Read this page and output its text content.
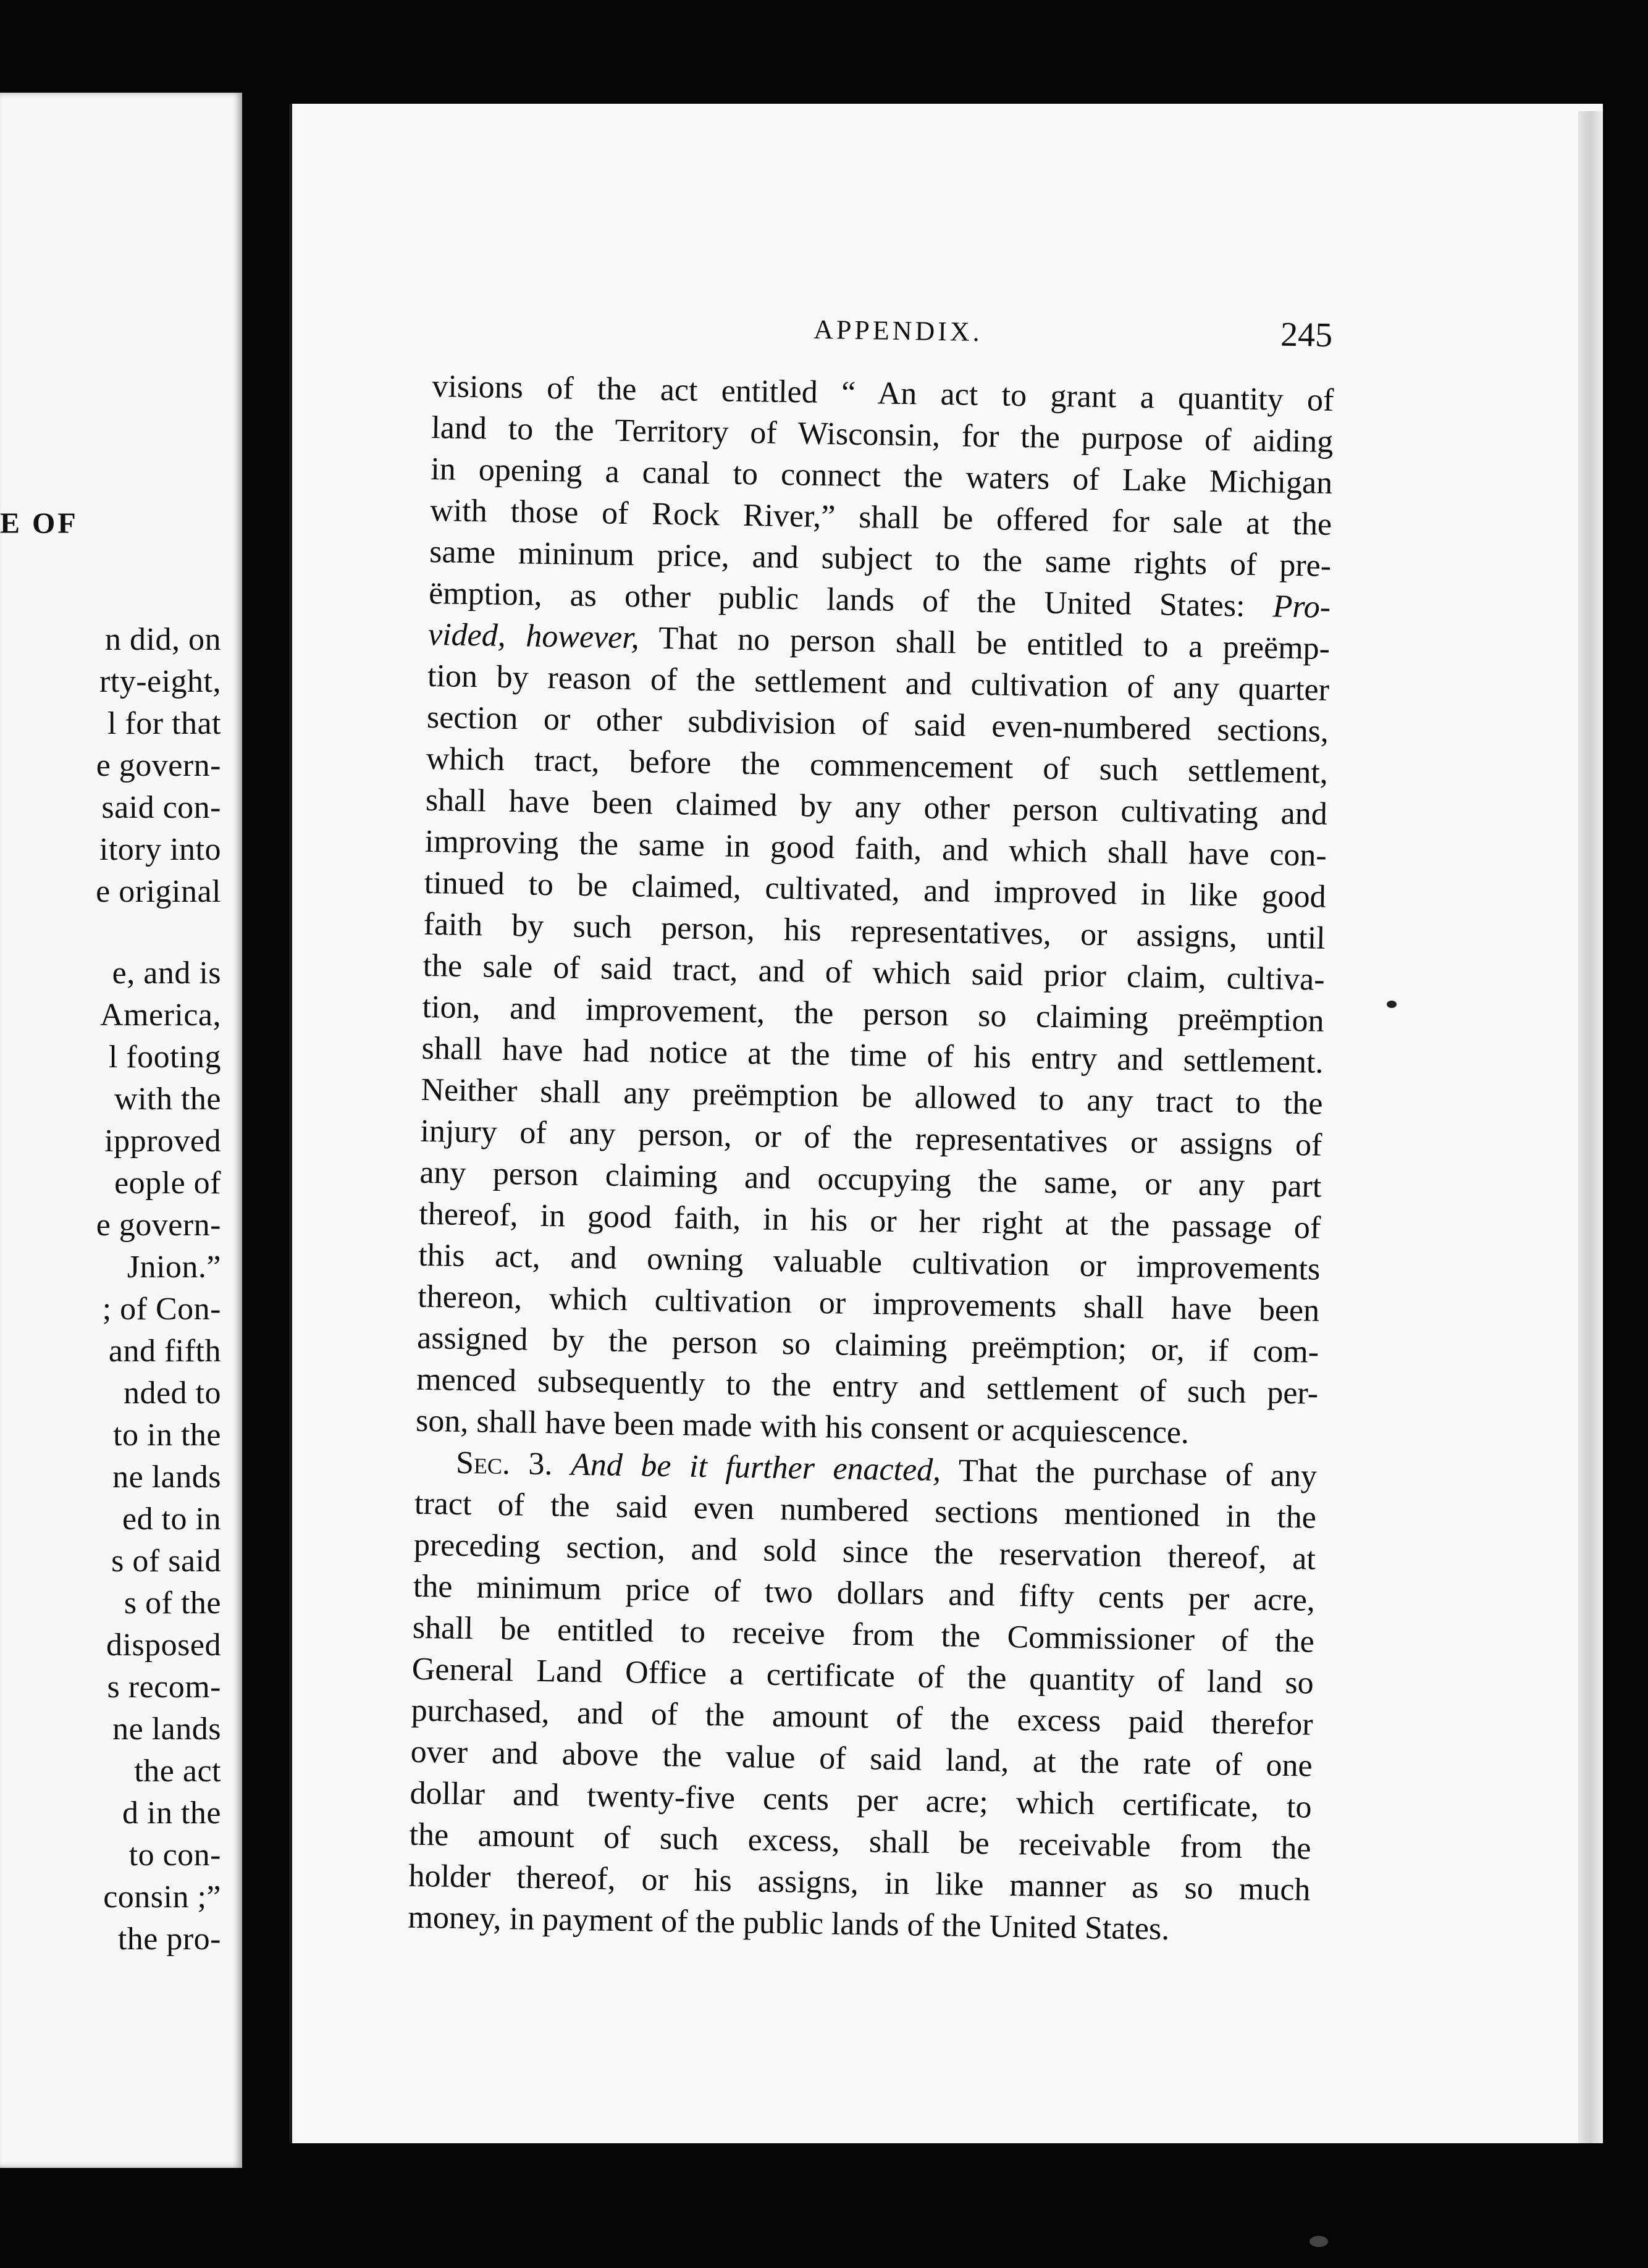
E OF
n did, on
rty-eight,
l for that
e govern-
said con-
itory into
e original
e, and is
America,
l footing
with the
ipproved
eople of
e govern-
Jnion.”
; of Con-
and fifth
nded to
to in the
ne lands
ed to in
s of said
s of the
disposed
s recom-
ne lands
the act
d in the
to con-
consin ;”
the pro-
APPENDIX.	245
visions of the act entitled “ An act to grant a quantity of
land to the Territory of Wisconsin, for the purpose of aiding
in opening a canal to connect the waters of Lake Michigan
with those of Rock River,” shall be offered for sale at the
same mininum price, and subject to the same rights of pre-
ëmption, as other public lands of the United States: Pro-
vided, however, That no person shall be entitled to a preëmp-
tion by reason of the settlement and cultivation of any quarter
section or other subdivision of said even-numbered sections,
which tract, before the commencement of such settlement,
shall have been claimed by any other person cultivating and
improving the same in good faith, and which shall have con-
tinued to be claimed, cultivated, and improved in like good
faith by such person, his representatives, or assigns, until
the sale of said tract, and of which said prior claim, cultiva-
tion, and improvement, the person so claiming preëmption
shall have had notice at the time of his entry and settlement.
Neither shall any preëmption be allowed to any tract to the
injury of any person, or of the representatives or assigns of
any person claiming and occupying the same, or any part
thereof, in good faith, in his or her right at the passage of
this act, and owning valuable cultivation or improvements
thereon, which cultivation or improvements shall have been
assigned by the person so claiming preëmption; or, if com-
menced subsequently to the entry and settlement of such per-
son, shall have been made with his consent or acquiescence.
Sec. 3. And be it further enacted, That the purchase of any
tract of the said even numbered sections mentioned in the
preceding section, and sold since the reservation thereof, at
the minimum price of two dollars and fifty cents per acre,
shall be entitled to receive from the Commissioner of the
General Land Office a certificate of the quantity of land so
purchased, and of the amount of the excess paid therefor
over and above the value of said land, at the rate of one
dollar and twenty-five cents per acre; which certificate, to
the amount of such excess, shall be receivable from the
holder thereof, or his assigns, in like manner as so much
money, in payment of the public lands of the United States.
